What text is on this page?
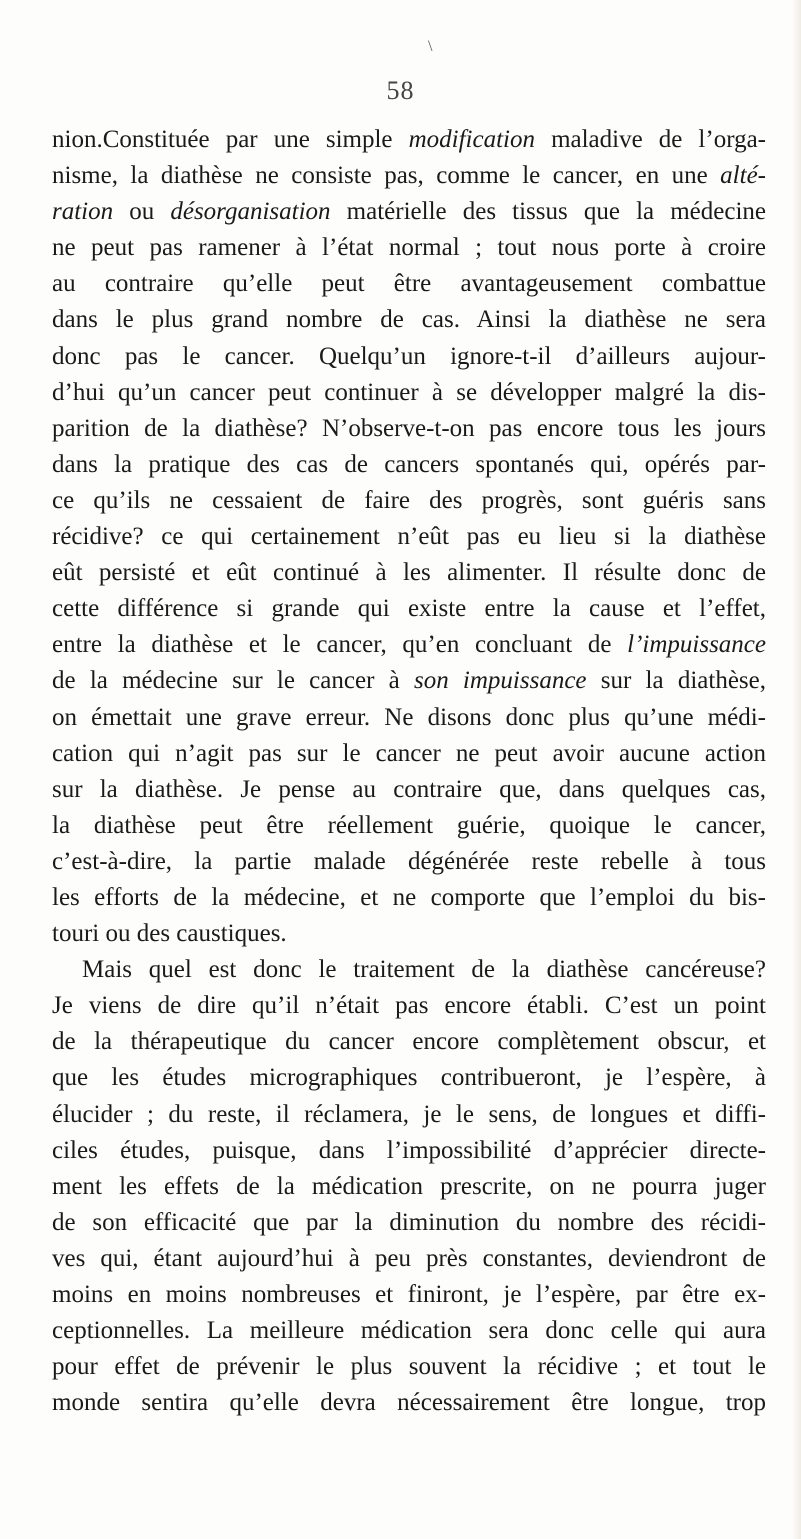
\
58
nion.Constituée par une simple modification maladive de l’orga-
nisme, la diathèse ne consiste pas, comme le cancer, en une alté-
ration ou désorganisation matérielle des tissus que la médecine
ne peut pas ramener à l’état normal ; tout nous porte à croire
au contraire qu’elle peut être avantageusement combattue
dans le plus grand nombre de cas. Ainsi la diathèse ne sera
donc pas le cancer. Quelqu’un ignore-t-il d’ailleurs aujour-
d’hui qu’un cancer peut continuer à se développer malgré la dis-
parition de la diathèse? N’observe-t-on pas encore tous les jours
dans la pratique des cas de cancers spontanés qui, opérés par-
ce qu’ils ne cessaient de faire des progrès, sont guéris sans
récidive? ce qui certainement n’eût pas eu lieu si la diathèse
eût persisté et eût continué à les alimenter. Il résulte donc de
cette différence si grande qui existe entre la cause et l’effet,
entre la diathèse et le cancer, qu’en concluant de l’impuissance
de la médecine sur le cancer à son impuissance sur la diathèse,
on émettait une grave erreur. Ne disons donc plus qu’une médi-
cation qui n’agit pas sur le cancer ne peut avoir aucune action
sur la diathèse. Je pense au contraire que, dans quelques cas,
la diathèse peut être réellement guérie, quoique le cancer,
c’est-à-dire, la partie malade dégénérée reste rebelle à tous
les efforts de la médecine, et ne comporte que l’emploi du bis-
touri ou des caustiques.
Mais quel est donc le traitement de la diathèse cancéreuse?
Je viens de dire qu’il n’était pas encore établi. C’est un point
de la thérapeutique du cancer encore complètement obscur, et
que les études micrographiques contribueront, je l’espère, à
élucider ; du reste, il réclamera, je le sens, de longues et diffi-
ciles études, puisque, dans l’impossibilité d’apprécier directe-
ment les effets de la médication prescrite, on ne pourra juger
de son efficacité que par la diminution du nombre des récidi-
ves qui, étant aujourd’hui à peu près constantes, deviendront de
moins en moins nombreuses et finiront, je l’espère, par être ex-
ceptionnelles. La meilleure médication sera donc celle qui aura
pour effet de prévenir le plus souvent la récidive ; et tout le
monde sentira qu’elle devra nécessairement être longue, trop
